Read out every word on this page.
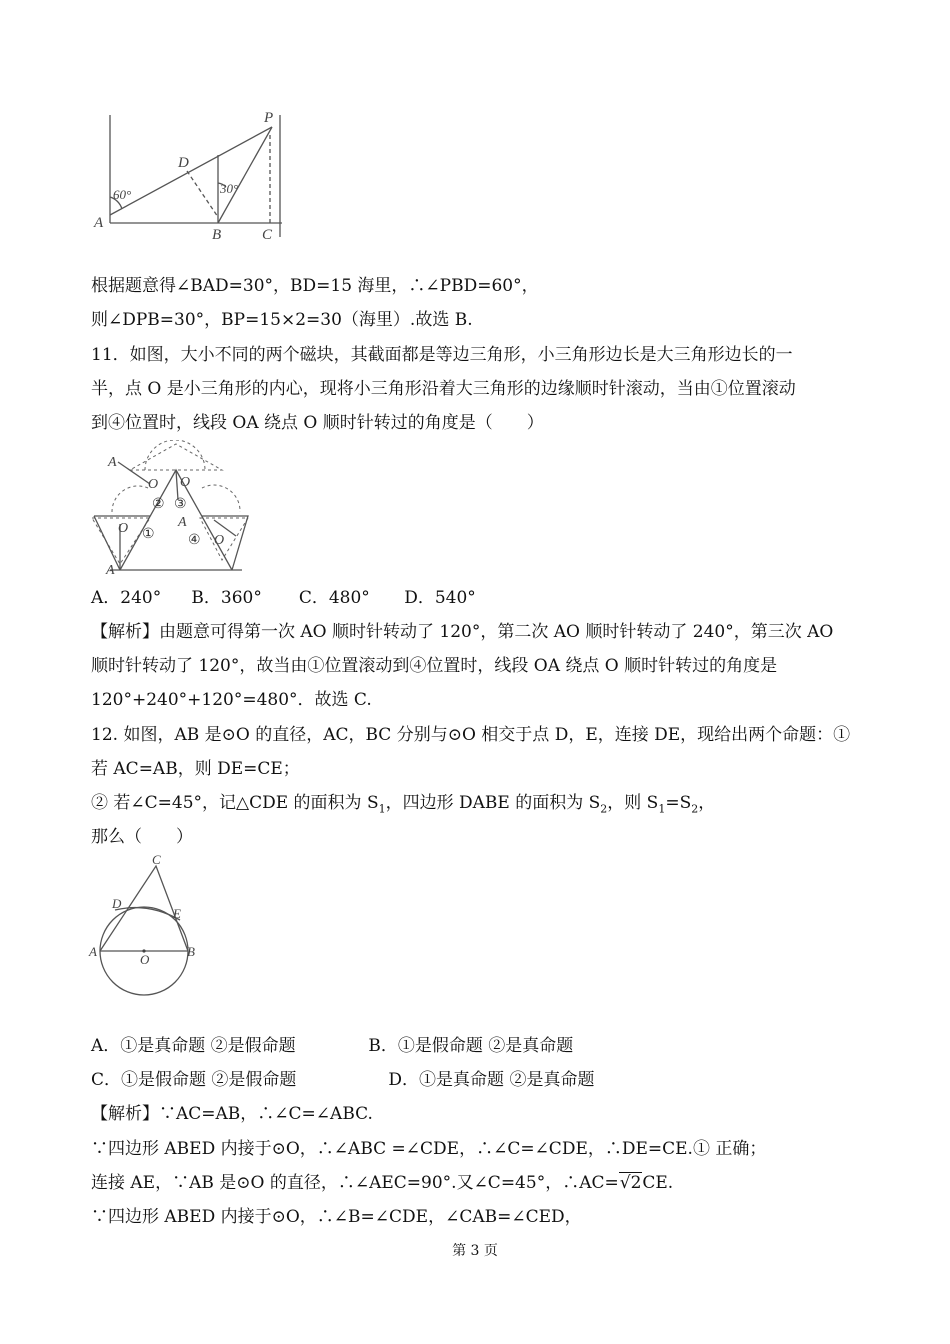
P
D
A
B	C
60°	30°
根据题意得∠BAD=30°，BD=15 海里，∴∠PBD=60°，
则∠DPB=30°，BP=15×2=30（海里）.故选 B.
11．如图，大小不同的两个磁块，其截面都是等边三角形，小三角形边长是大三角形边长的一
半，点 O 是小三角形的内心，现将小三角形沿着大三角形的边缘顺时针滚动，当由①位置滚动
到④位置时，线段 OA 绕点 O 顺时针转过的角度是（　　）
A
O O
O
O
A
A
①
② ③
④
A．240° B．360° C．480° D．540°
【解析】由题意可得第一次 AO 顺时针转动了 120°，第二次 AO 顺时针转动了 240°，第三次 AO
顺时针转动了 120°，故当由①位置滚动到④位置时，线段 OA 绕点 O 顺时针转过的角度是
120°+240°+120°=480°．故选 C.
12. 如图，AB 是⊙O 的直径，AC，BC 分别与⊙O 相交于点 D，E，连接 DE，现给出两个命题：①
若 AC=AB，则 DE=CE；
② 若∠C=45°，记△CDE 的面积为 $S_1$，四边形 DABE 的面积为 $S_2$，则 $S_1=S_2$，
那么（　　）
C
D
E
A	B
O
A．①是真命题 ②是假命题	B．①是假命题 ②是真命题
C．①是假命题 ②是假命题	D．①是真命题 ②是真命题
【解析】∵AC=AB，∴∠C=∠ABC.
∵四边形 ABED 内接于⊙O，∴∠ABC =∠CDE，∴∠C=∠CDE，∴DE=CE.① 正确；
连接 AE，∵AB 是⊙O 的直径，∴∠AEC=90°.又∠C=45°，∴AC=√2CE.
∵四边形 ABED 内接于⊙O，∴∠B=∠CDE，∠CAB=∠CED，
第 3 页
